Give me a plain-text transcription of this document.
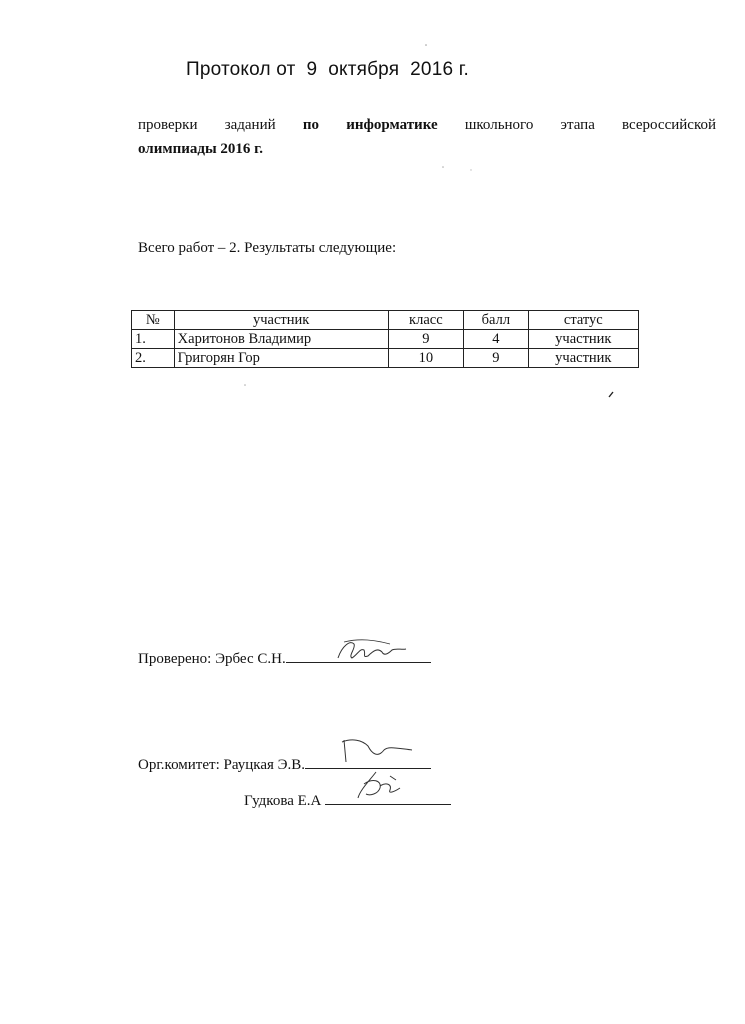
Протокол от  9  октября  2016 г.
проверки заданий по информатике школьного этапа всероссийской
олимпиады 2016 г.
Всего работ – 2. Результаты следующие:
№	участник	класс	балл	статус
1.	Харитонов Владимир	9	4	участник
2.	Григорян Гор	10	9	участник
Проверено: Эрбес С.Н.
Орг.комитет: Рауцкая Э.В.
Гудкова Е.А
